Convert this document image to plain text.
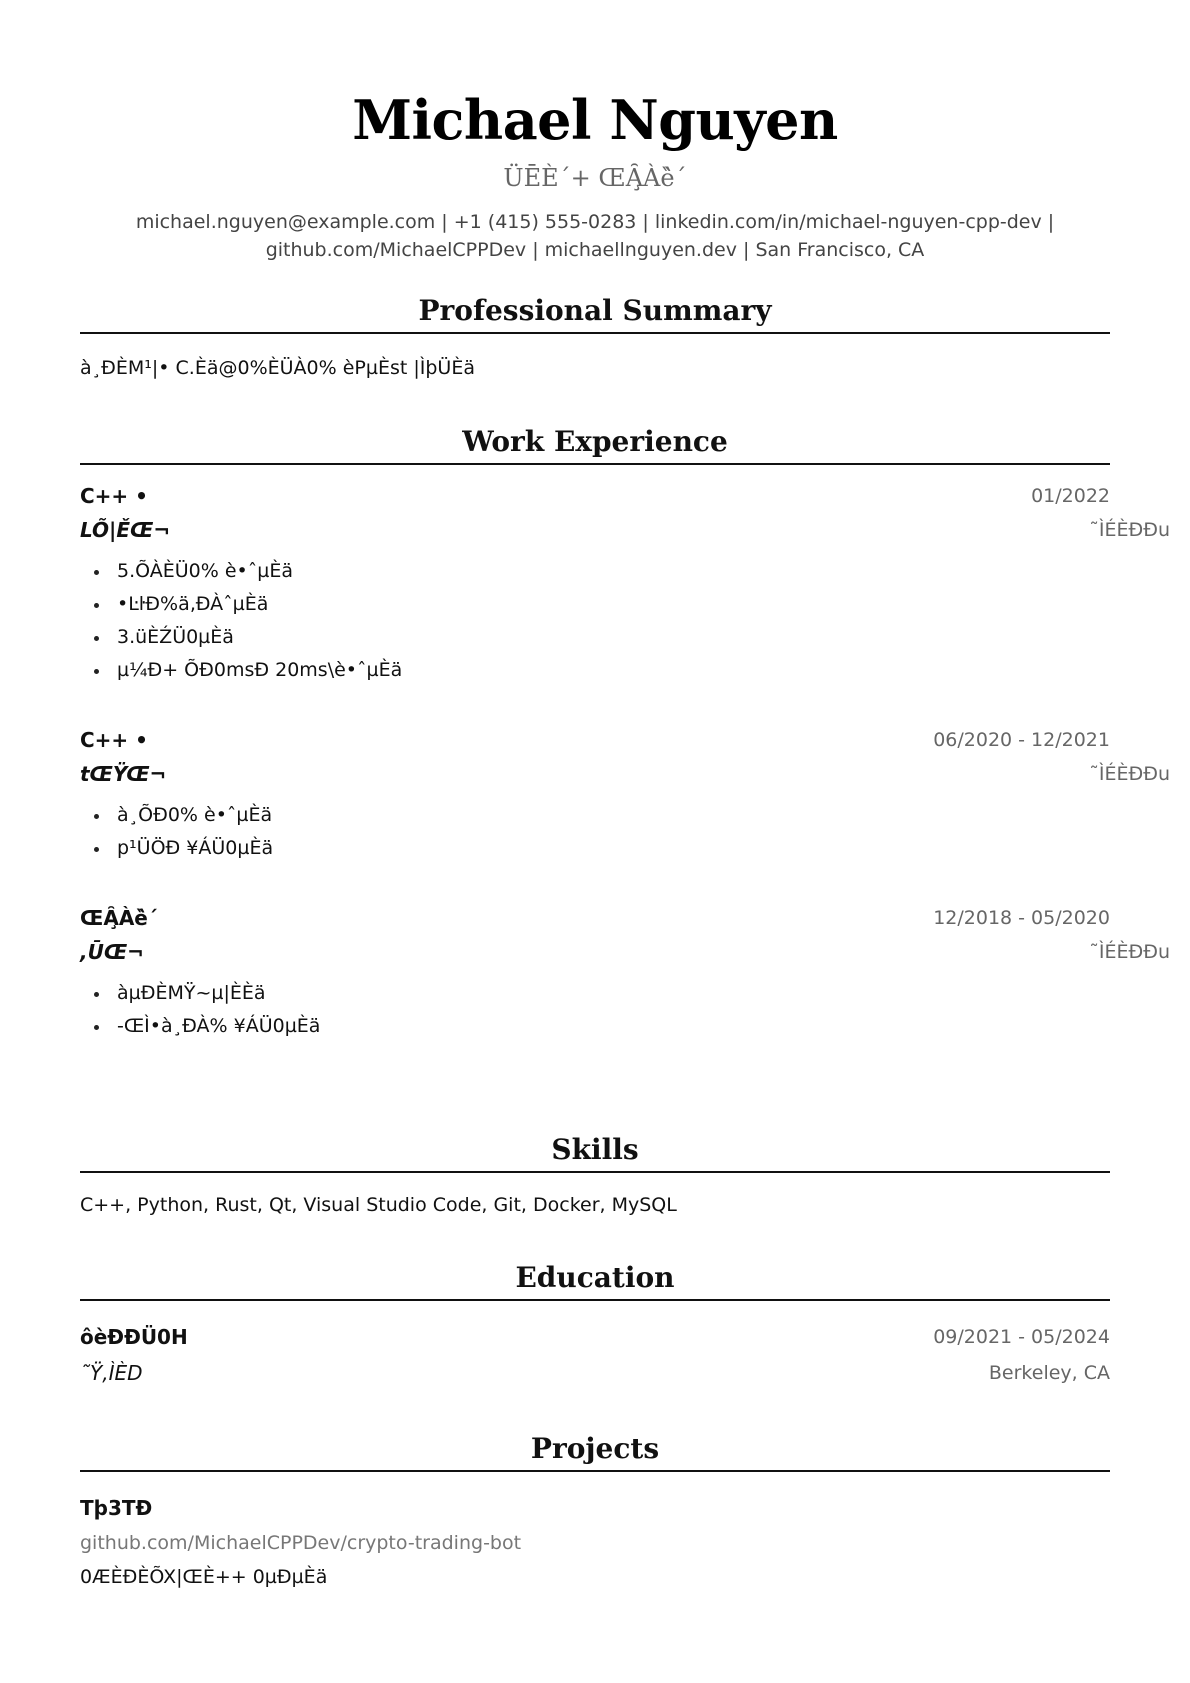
Michael Nguyen
ÜĒÈ´+ ŒȂ̧Àȅ̀´
michael.nguyen@example.com | +1 (415) 555-0283 | linkedin.com/in/michael-nguyen-cpp-dev |
github.com/MichaelCPPDev | michaellnguyen.dev | San Francisco, CA
Professional Summary
à¸ÐÈM¹|• C.Èä@0%ÈÜÀ0% èPµÈst |ÌþÜÈä
Work Experience
C++ •	01/2022
LÕ|ĚŒ¬	˜ÌÉÈÐÐu
5.ÕÀÈÜ0% è•ˆµÈä
•ĿŀÐ%ä‚ÐÀˆµÈä
3.üÈŹÜ0µÈä
µ¼Ð+ ÕÐ0msÐ 20ms\è•ˆµÈä
C++ •	06/2020 - 12/2021
tŒŸŒ¬	˜ÌÉÈÐÐu
à¸ÕÐ0% è•ˆµÈä
p¹ÜÖÐ ¥ÁÜ0µÈä
ŒȂ̧Àȅ̀´	12/2018 - 05/2020
,ŪŒ¬	˜ÌÉÈÐÐu
àµÐÈMŸ~µ|ÈÈä
-ŒÌ•à¸ÐÀ% ¥ÁÜ0µÈä
Skills
C++, Python, Rust, Qt, Visual Studio Code, Git, Docker, MySQL
Education
ôèÐÐÜ0H	09/2021 - 05/2024
˜Ÿ‚ÌÈD	Berkeley, CA
Projects
Tþ3TÐ
github.com/MichaelCPPDev/crypto-trading-bot
0ÆÈÐÈÕX|ŒÈ++ 0µÐµÈä
